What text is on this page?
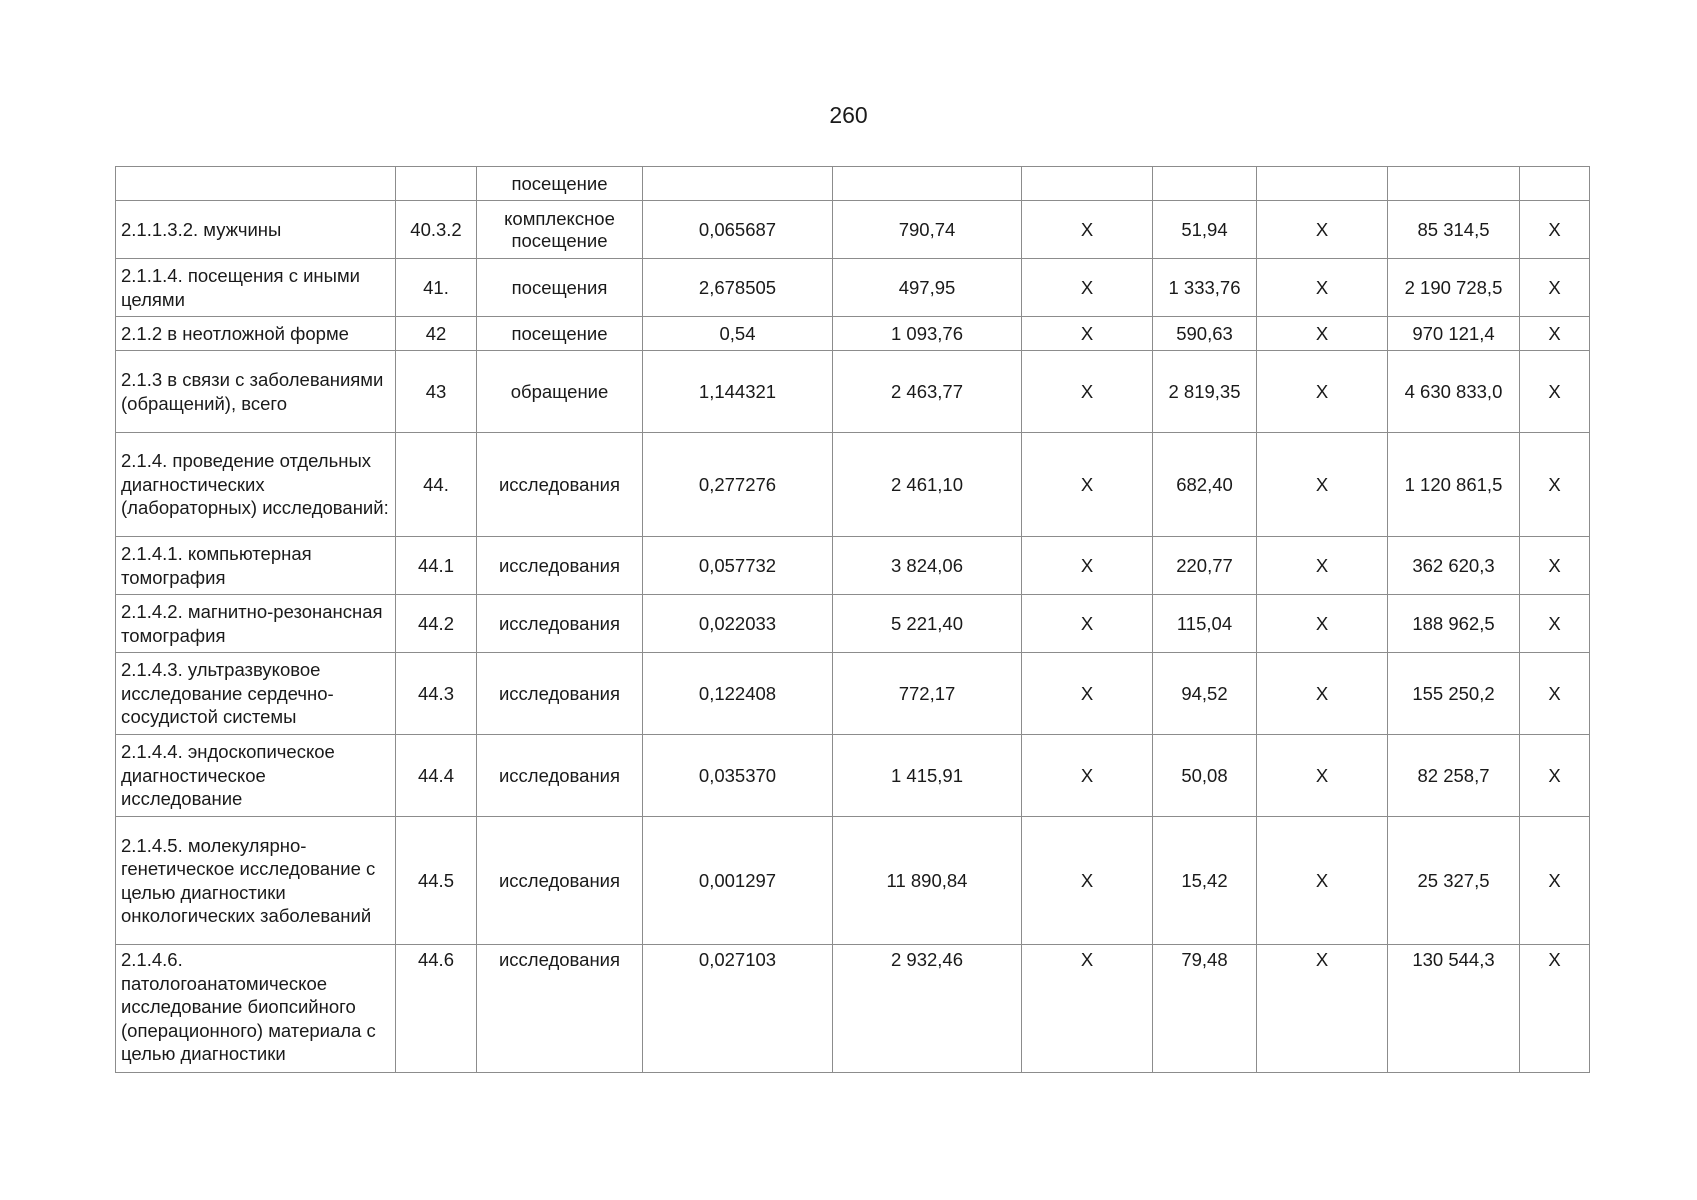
260
		посещение							
2.1.1.3.2. мужчины	40.3.2	комплексное посещение	0,065687	790,74	Х	51,94	Х	85 314,5	Х
2.1.1.4. посещения с иными целями	41.	посещения	2,678505	497,95	Х	1 333,76	Х	2 190 728,5	Х
2.1.2 в неотложной форме	42	посещение	0,54	1 093,76	Х	590,63	Х	970 121,4	Х
2.1.3 в связи с заболеваниями (обращений), всего	43	обращение	1,144321	2 463,77	Х	2 819,35	Х	4 630 833,0	Х
2.1.4. проведение отдельных диагностических (лабораторных) исследований:	44.	исследования	0,277276	2 461,10	Х	682,40	Х	1 120 861,5	Х
2.1.4.1. компьютерная томография	44.1	исследования	0,057732	3 824,06	Х	220,77	Х	362 620,3	Х
2.1.4.2. магнитно-резонансная томография	44.2	исследования	0,022033	5 221,40	Х	115,04	Х	188 962,5	Х
2.1.4.3. ультразвуковое исследование сердечно-сосудистой системы	44.3	исследования	0,122408	772,17	Х	94,52	Х	155 250,2	Х
2.1.4.4. эндоскопическое диагностическое исследование	44.4	исследования	0,035370	1 415,91	Х	50,08	Х	82 258,7	Х
2.1.4.5. молекулярно-генетическое исследование с целью диагностики онкологических заболеваний	44.5	исследования	0,001297	11 890,84	Х	15,42	Х	25 327,5	Х
2.1.4.6. патологоанатомическое исследование биопсийного (операционного) материала с целью диагностики	44.6	исследования	0,027103	2 932,46	Х	79,48	Х	130 544,3	Х
